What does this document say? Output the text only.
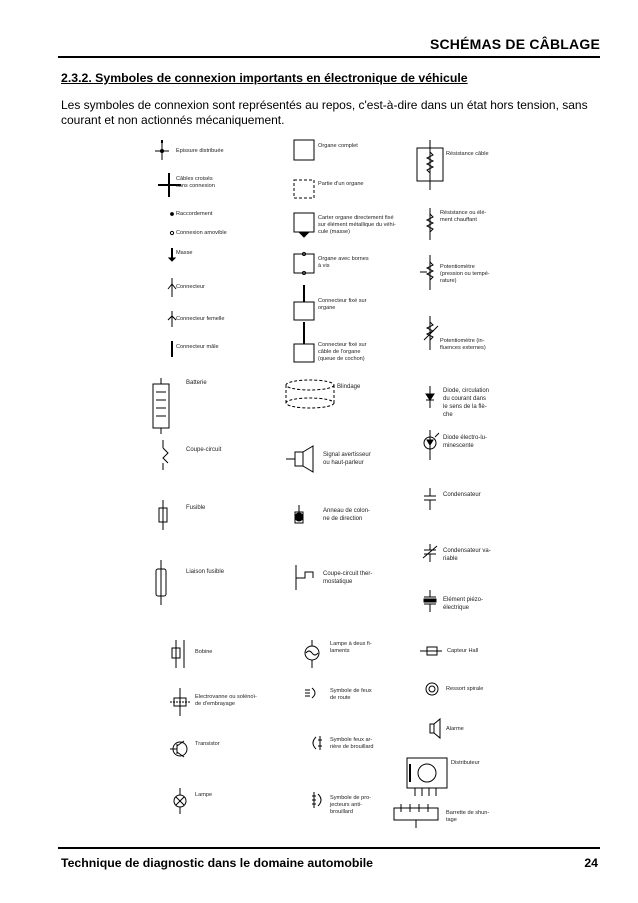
SCHÉMAS DE CÂBLAGE
2.3.2. Symboles de connexion importants en électronique de véhicule
Les symboles de connexion sont représentés au repos, c'est-à-dire dans un état hors tension, sans courant et non actionnés mécaniquement.
Epissure distribuée
Câbles croisés
sans connexion
Raccordement
Connexion amovible
Masse
Connecteur
Connecteur femelle
Connecteur mâle
Batterie
Coupe-circuit
Fusible
Liaison fusible
Bobine
Electrovanne ou solénoï-
de d'embrayage
Transistor
Lampe
Organe complet
Partie d'un organe
Carter organe directement fixé
sur élément métallique du véhi-
cule (masse)
Organe avec bornes
à vis
Connecteur fixé sur
organe
Connecteur fixé sur
câble de l'organe
(queue de cochon)
Blindage
Signal avertisseur
ou haut-parleur
Anneau de colon-
ne de direction
Coupe-circuit ther-
mostatique
Lampe à deux fi-
laments
Symbole de feux
de route
Symbole feux ar-
rière de brouillard
Symbole de pro-
jecteurs anti-
brouillard
Résistance câble
Résistance ou élé-
ment chauffant
Potentiomètre
(pression ou tempé-
rature)
Potentiomètre (in-
fluences externes)
Diode, circulation
du courant dans
le sens de la flè-
che
Diode électro-lu-
minescente
Condensateur
Condensateur va-
riable
Elément piézo-
électrique
Capteur Hall
Ressort spirale
Alarme
Distributeur
Barrette de shun-
tage
Technique de diagnostic dans le domaine automobile	24
